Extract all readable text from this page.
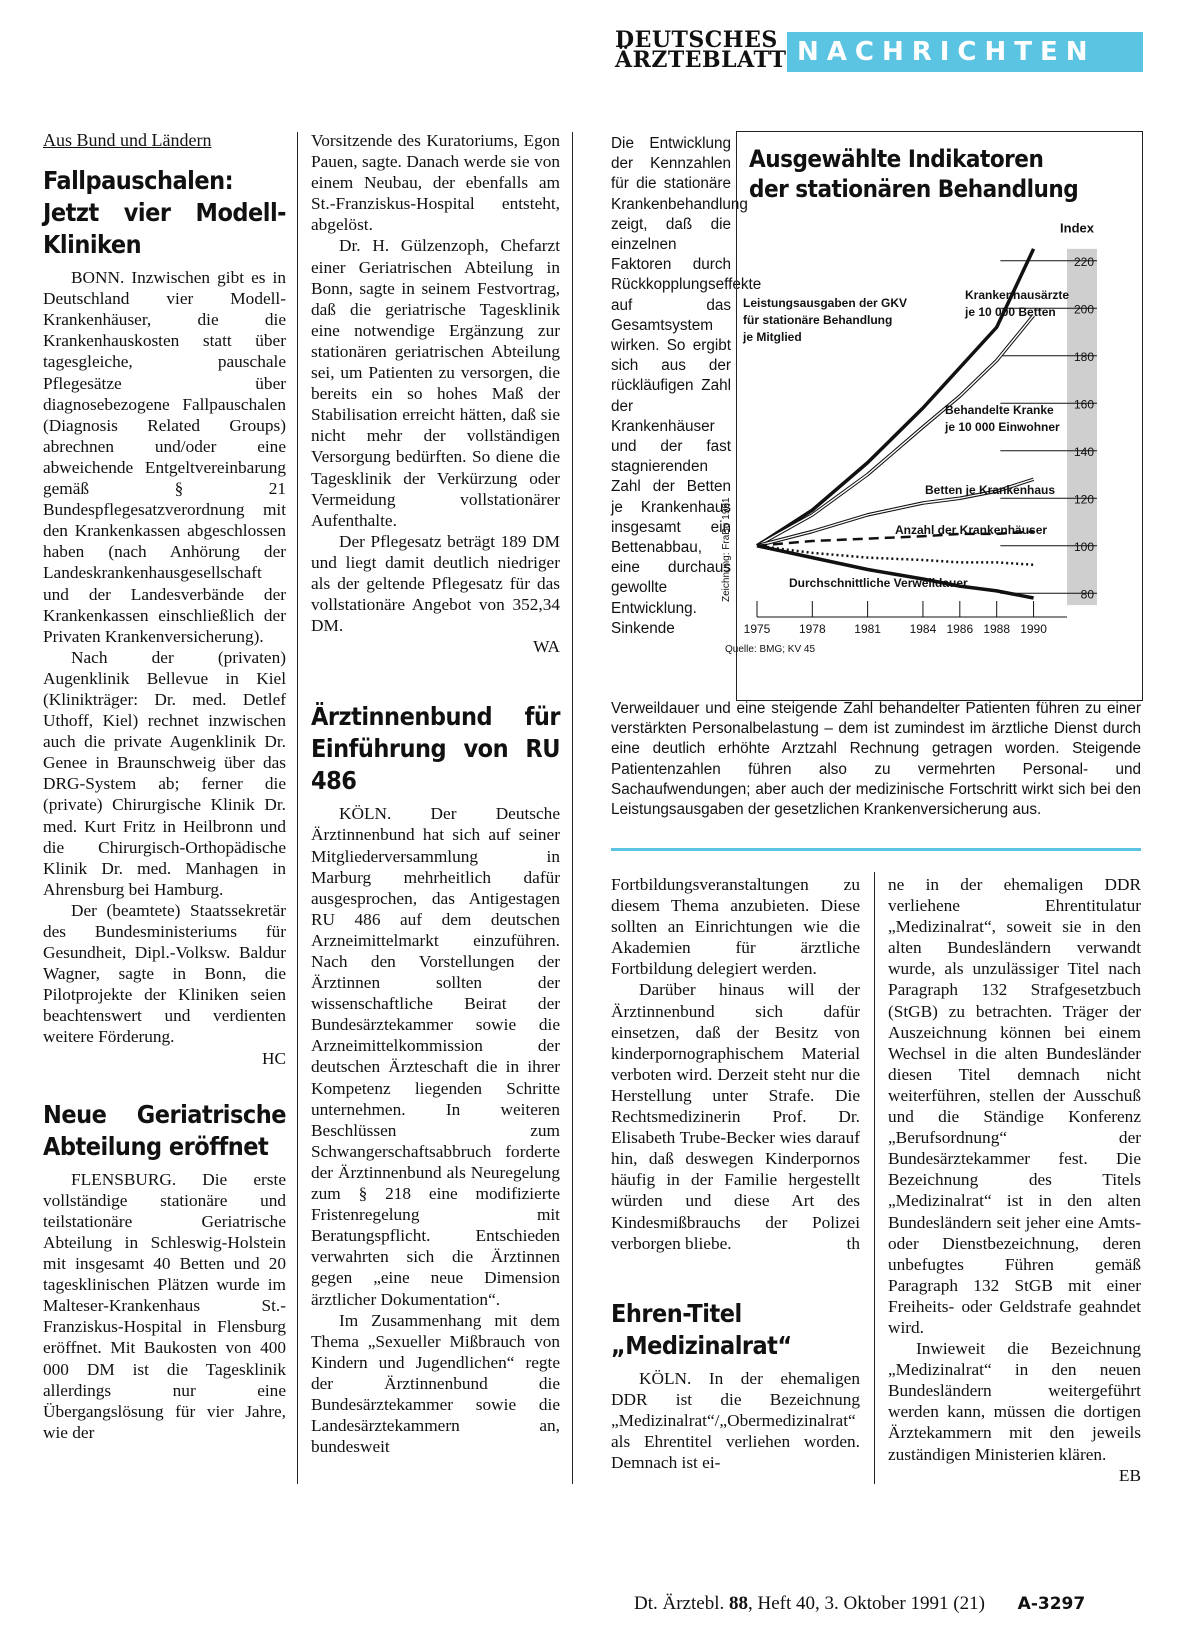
DEUTSCHES
ÄRZTEBLATT NACHRICHTEN
Aus Bund und Ländern
Fallpauschalen: Jetzt vier Modell-Kliniken

BONN. Inzwischen gibt es in Deutschland vier Modell-Krankenhäuser, die die Krankenhauskosten statt über tagesgleiche, pauschale Pflegesätze über diagnosebezogene Fallpauschalen (Diagnosis Related Groups) abrechnen und/oder eine abweichende Entgeltvereinbarung gemäß § 21 Bundespflegesatzverordnung mit den Krankenkassen abgeschlossen haben (nach Anhörung der Landeskrankenhausgesellschaft und der Landesverbände der Krankenkassen einschließlich der Privaten Krankenversicherung).

Nach der (privaten) Augenklinik Bellevue in Kiel (Klinikträger: Dr. med. Detlef Uthoff, Kiel) rechnet inzwischen auch die private Augenklinik Dr. Genee in Braunschweig über das DRG-System ab; ferner die (private) Chirurgische Klinik Dr. med. Kurt Fritz in Heilbronn und die Chirurgisch-Orthopädische Klinik Dr. med. Manhagen in Ahrensburg bei Hamburg.

Der (beamtete) Staatssekretär des Bundesministeriums für Gesundheit, Dipl.-Volksw. Baldur Wagner, sagte in Bonn, die Pilotprojekte der Kliniken seien beachtenswert und verdienten weitere Förderung.

HC
Neue Geriatrische Abteilung eröffnet

FLENSBURG. Die erste vollständige stationäre und teilstationäre Geriatrische Abteilung in Schleswig-Holstein mit insgesamt 40 Betten und 20 tagesklinischen Plätzen wurde im Malteser-Krankenhaus St.-Franziskus-Hospital in Flensburg eröffnet. Mit Baukosten von 400 000 DM ist die Tagesklinik allerdings nur eine Übergangslösung für vier Jahre, wie der

Vorsitzende des Kuratoriums, Egon Pauen, sagte. Danach werde sie von einem Neubau, der ebenfalls am St.-Franziskus-Hospital entsteht, abgelöst.

Dr. H. Gülzenzoph, Chefarzt einer Geriatrischen Abteilung in Bonn, sagte in seinem Festvortrag, daß die geriatrische Tagesklinik eine notwendige Ergänzung zur stationären geriatrischen Abteilung sei, um Patienten zu versorgen, die bereits ein so hohes Maß der Stabilisation erreicht hätten, daß sie nicht mehr der vollständigen Versorgung bedürften. So diene die Tagesklinik der Verkürzung oder Vermeidung vollstationärer Aufenthalte.

Der Pflegesatz beträgt 189 DM und liegt damit deutlich niedriger als der geltende Pflegesatz für das vollstationäre Angebot von 352,34 DM.

WA
Ärztinnenbund für Einführung von RU 486

KÖLN. Der Deutsche Ärztinnenbund hat sich auf seiner Mitgliederversammlung in Marburg mehrheitlich dafür ausgesprochen, das Antigestagen RU 486 auf dem deutschen Arzneimittelmarkt einzuführen. Nach den Vorstellungen der Ärztinnen sollten der wissenschaftliche Beirat der Bundesärztekammer sowie die Arzneimittelkommission der deutschen Ärzteschaft die in ihrer Kompetenz liegenden Schritte unternehmen. In weiteren Beschlüssen zum Schwangerschaftsabbruch forderte der Ärztinnenbund als Neuregelung zum § 218 eine modifizierte Fristenregelung mit Beratungspflicht. Entschieden verwahrten sich die Ärztinnen gegen „eine neue Dimension ärztlicher Dokumentation“.

Im Zusammenhang mit dem Thema „Sexueller Mißbrauch von Kindern und Jugendlichen“ regte der Ärztinnenbund die Bundesärztekammer sowie die Landesärztekammern an, bundesweit

Die Entwicklung der Kennzahlen für die stationäre Krankenbehandlung zeigt, daß die einzelnen Faktoren durch Rückkopplungseffekte auf das Gesamtsystem wirken. So ergibt sich aus der rückläufigen Zahl der Krankenhäuser und der fast stagnierenden Zahl der Betten je Krankenhaus insgesamt ein Bettenabbau, eine durchaus gewollte Entwicklung. Sinkende
Ausgewählte Indikatoren der stationären Behandlung
80
100
120
140
160
180
200
220
Index
1975 1978 1981 1984 1986 1988 1990
Leistungsausgaben der GKV
für stationäre Behandlung
je Mitglied
Krankenhausärzte
je 10 000 Betten
Behandelte Kranke
je 10 000 Einwohner
Betten je Krankenhaus
Anzahl der Krankenhäuser
Durchschnittliche Verweildauer
Zeichnung: FraBo 1991
Quelle: BMG; KV 45
Verweildauer und eine steigende Zahl behandelter Patienten führen zu einer verstärkten Personalbelastung – dem ist zumindest im ärztliche Dienst durch eine deutlich erhöhte Arztzahl Rechnung getragen worden. Steigende Patientenzahlen führen also zu vermehrten Personal- und Sachaufwendungen; aber auch der medizinische Fortschritt wirkt sich bei den Leistungsausgaben der gesetzlichen Krankenversicherung aus.

Fortbildungsveranstaltungen zu diesem Thema anzubieten. Diese sollten an Einrichtungen wie die Akademien für ärztliche Fortbildung delegiert werden.

Darüber hinaus will der Ärztinnenbund sich dafür einsetzen, daß der Besitz von kinderpornographischem Material verboten wird. Derzeit steht nur die Herstellung unter Strafe. Die Rechtsmedizinerin Prof. Dr. Elisabeth Trube-Becker wies darauf hin, daß deswegen Kinderpornos häufig in der Familie hergestellt würden und diese Art des Kindesmißbrauchs der Polizei verborgen bliebe.	th
Ehren-Titel „Medizinalrat“

KÖLN. In der ehemaligen DDR ist die Bezeichnung „Medizinalrat“/„Obermedizinalrat“ als Ehrentitel verliehen worden. Demnach ist ei-

ne in der ehemaligen DDR verliehene Ehrentitulatur „Medizinalrat“, soweit sie in den alten Bundesländern verwandt wurde, als unzulässiger Titel nach Paragraph 132 Strafgesetzbuch (StGB) zu betrachten. Träger der Auszeichnung können bei einem Wechsel in die alten Bundesländer diesen Titel demnach nicht weiterführen, stellen der Ausschuß und die Ständige Konferenz „Berufsordnung“ der Bundesärztekammer fest. Die Bezeichnung des Titels „Medizinalrat“ ist in den alten Bundesländern seit jeher eine Amts- oder Dienstbezeichnung, deren unbefugtes Führen gemäß Paragraph 132 StGB mit einer Freiheits- oder Geldstrafe geahndet wird.

Inwieweit die Bezeichnung „Medizinalrat“ in den neuen Bundesländern weitergeführt werden kann, müssen die dortigen Ärztekammern mit den jeweils zuständigen Ministerien klären.

EB
Dt. Ärztebl. 88, Heft 40, 3. Oktober 1991 (21) A-3297
